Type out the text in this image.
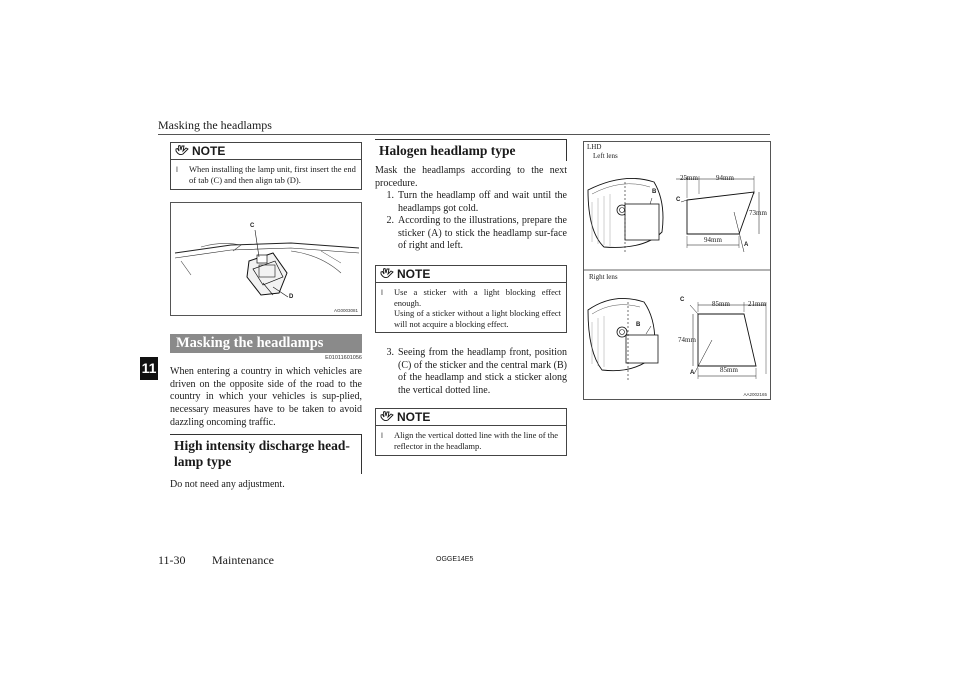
Masking the headlamps
11
NOTE
l	When installing the lamp unit, first insert the end of tab (C) and then align tab (D).
C
D
AG0003081
Masking the headlamps
E01011601056
When entering a country in which vehicles are driven on the opposite side of the road to the country in which your vehicles is sup-plied, necessary measures have to be taken to avoid dazzling oncoming traffic.
High intensity discharge head-lamp type
Do not need any adjustment.
Halogen headlamp type
Mask the headlamps according to the next procedure.
1. Turn the headlamp off and wait until the headlamps got cold.
2. According to the illustrations, prepare the sticker (A) to stick the headlamp sur-face of right and left.
NOTE
l	Use a sticker with a light blocking effect enough.
Using of a sticker without a light blocking effect will not acquire a blocking effect.
3. Seeing from the headlamp front, position (C) of the sticker and the central mark (B) of the headlamp and stick a sticker along the vertical dotted line.
NOTE
l	Align the vertical dotted line with the line of the reflector in the headlamp.
LHD
Left lens
B
C
A
25mm	94mm
73mm
94mm
Right lens
B
C
A
85mm	21mm
74mm
85mm
AA2002165
11-30 Maintenance	OGGE14E5
